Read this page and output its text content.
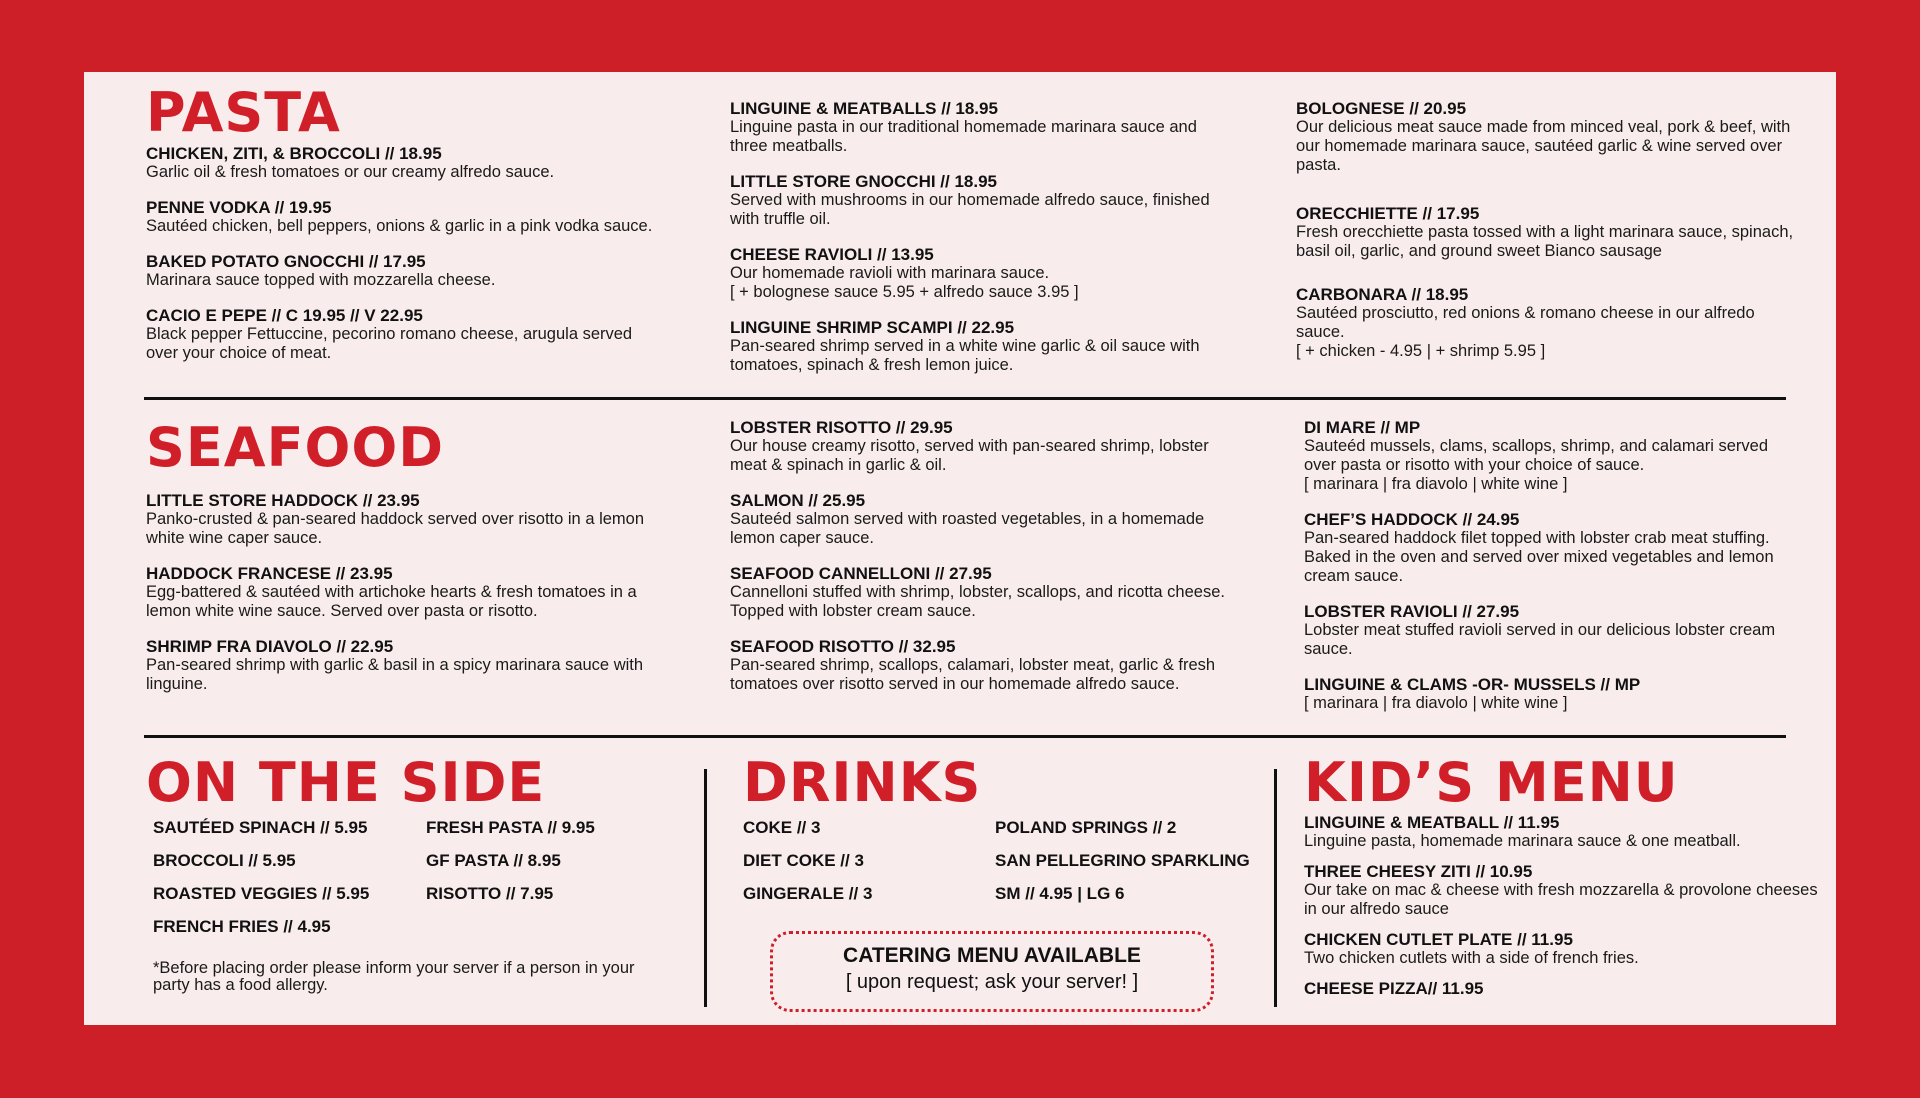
PASTA
CHICKEN, ZITI, & BROCCOLI // 18.95
Garlic oil & fresh tomatoes or our creamy alfredo sauce.
PENNE VODKA // 19.95
Sautéed chicken, bell peppers, onions & garlic in a pink vodka sauce.
BAKED POTATO GNOCCHI // 17.95
Marinara sauce topped with mozzarella cheese.
CACIO E PEPE // C 19.95 // V 22.95
Black pepper Fettuccine, pecorino romano cheese, arugula served over your choice of meat.
LINGUINE & MEATBALLS // 18.95
Linguine pasta in our traditional homemade marinara sauce and three meatballs.
LITTLE STORE GNOCCHI // 18.95
Served with mushrooms in our homemade alfredo sauce, finished with truffle oil.
CHEESE RAVIOLI // 13.95
Our homemade ravioli with marinara sauce.
[ + bolognese sauce 5.95 + alfredo sauce 3.95 ]
LINGUINE SHRIMP SCAMPI // 22.95
Pan-seared shrimp served in a white wine garlic & oil sauce with tomatoes, spinach & fresh lemon juice.
BOLOGNESE // 20.95
Our delicious meat sauce made from minced veal, pork & beef, with our homemade marinara sauce, sautéed garlic & wine served over pasta.
ORECCHIETTE // 17.95
Fresh orecchiette pasta tossed with a light marinara sauce, spinach, basil oil, garlic, and ground sweet Bianco sausage
CARBONARA // 18.95
Sautéed prosciutto, red onions & romano cheese in our alfredo sauce.
[ + chicken - 4.95 | + shrimp 5.95 ]
SEAFOOD
LITTLE STORE HADDOCK // 23.95
Panko-crusted & pan-seared haddock served over risotto in a lemon white wine caper sauce.
HADDOCK FRANCESE // 23.95
Egg-battered & sautéed with artichoke hearts & fresh tomatoes in a lemon white wine sauce. Served over pasta or risotto.
SHRIMP FRA DIAVOLO // 22.95
Pan-seared shrimp with garlic & basil in a spicy marinara sauce with linguine.
LOBSTER RISOTTO // 29.95
Our house creamy risotto, served with pan-seared shrimp, lobster meat & spinach in garlic & oil.
SALMON // 25.95
Sauteéd salmon served with roasted vegetables, in a homemade lemon caper sauce.
SEAFOOD CANNELLONI // 27.95
Cannelloni stuffed with shrimp, lobster, scallops, and ricotta cheese. Topped with lobster cream sauce.
SEAFOOD RISOTTO // 32.95
Pan-seared shrimp, scallops, calamari, lobster meat, garlic & fresh tomatoes over risotto served in our homemade alfredo sauce.
DI MARE // MP
Sauteéd mussels, clams, scallops, shrimp, and calamari served over pasta or risotto with your choice of sauce.
[ marinara | fra diavolo | white wine ]
CHEF’S HADDOCK // 24.95
Pan-seared haddock filet topped with lobster crab meat stuffing. Baked in the oven and served over mixed vegetables and lemon cream sauce.
LOBSTER RAVIOLI // 27.95
Lobster meat stuffed ravioli served in our delicious lobster cream sauce.
LINGUINE & CLAMS -OR- MUSSELS // MP
[ marinara | fra diavolo | white wine ]
ON THE SIDE
SAUTÉED SPINACH // 5.95
BROCCOLI // 5.95
ROASTED VEGGIES // 5.95
FRENCH FRIES // 4.95
FRESH PASTA // 9.95
GF PASTA // 8.95
RISOTTO // 7.95
*Before placing order please inform your server if a person in your party has a food allergy.
DRINKS
COKE // 3
DIET COKE // 3
GINGERALE // 3
POLAND SPRINGS // 2
SAN PELLEGRINO SPARKLING
SM // 4.95 | LG 6
CATERING MENU AVAILABLE
[ upon request; ask your server! ]
KID’S MENU
LINGUINE & MEATBALL // 11.95
Linguine pasta, homemade marinara sauce & one meatball.
THREE CHEESY ZITI // 10.95
Our take on mac & cheese with fresh mozzarella & provolone cheeses in our alfredo sauce
CHICKEN CUTLET PLATE // 11.95
Two chicken cutlets with a side of french fries.
CHEESE PIZZA// 11.95
